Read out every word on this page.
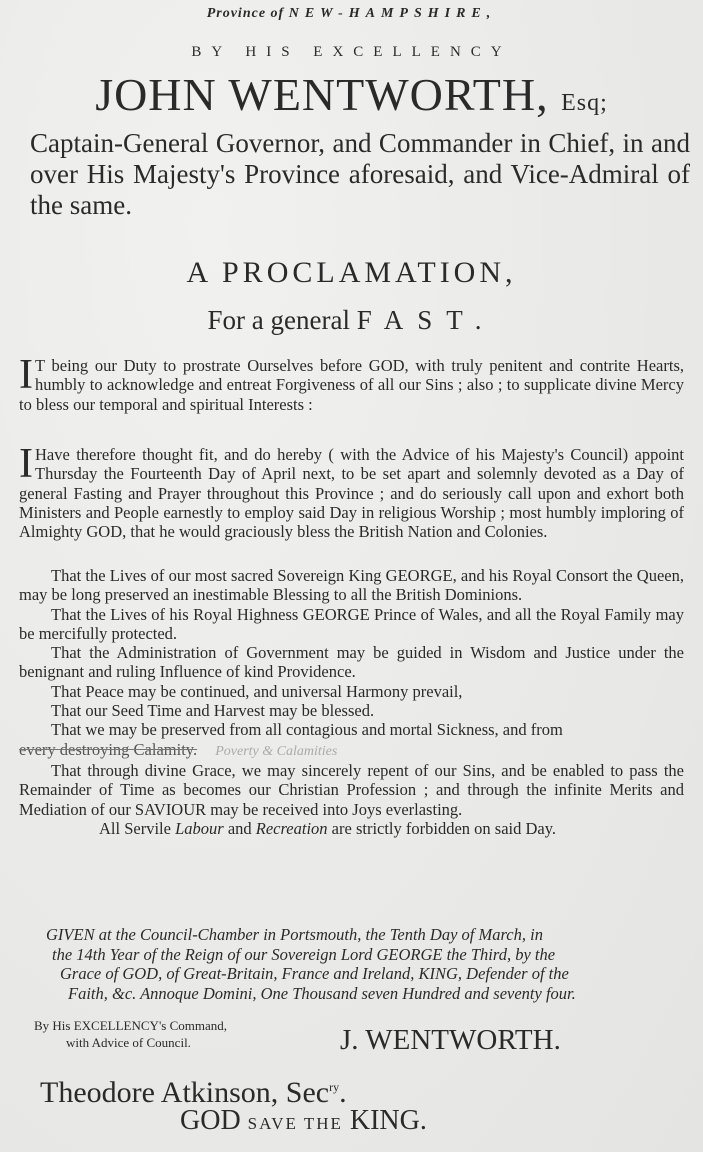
Province of NEW-HAMPSHIRE,
BY HIS EXCELLENCY
JOHN WENTWORTH, Esq;
Captain-General Governor, and Commander in Chief, in and over His Majesty's Province aforesaid, and Vice-Admiral of the same.
A PROCLAMATION,
For a general FAST.

I T being our Duty to prostrate Ourselves before GOD, with truly penitent and contrite Hearts, humbly to acknowledge and entreat Forgiveness of all our Sins ; also ; to supplicate divine Mercy to bless our temporal and spiritual Interests :

I Have therefore thought fit, and do hereby ( with the Advice of his Majesty's Council) appoint Thursday the Fourteenth Day of April next, to be set apart and solemnly devoted as a Day of general Fasting and Prayer throughout this Province ; and do seriously call upon and exhort both Ministers and People earnestly to employ said Day in religious Worship ; most humbly imploring of Almighty GOD, that he would graciously bless the British Nation and Colonies.

That the Lives of our most sacred Sovereign King GEORGE, and his Royal Consort the Queen, may be long preserved an inestimable Blessing to all the British Dominions.

That the Lives of his Royal Highness GEORGE Prince of Wales, and all the Royal Family may be mercifully protected.

That the Administration of Government may be guided in Wisdom and Justice under the benignant and ruling Influence of kind Providence.

That Peace may be continued, and universal Harmony prevail,

That our Seed Time and Harvest may be blessed.

That we may be preserved from all contagious and mortal Sickness, and from

every destroying Calamity. Poverty & Calamities

That through divine Grace, we may sincerely repent of our Sins, and be enabled to pass the Remainder of Time as becomes our Christian Profession ; and through the infinite Merits and Mediation of our SAVIOUR may be received into Joys everlasting.

All Servile Labour and Recreation are strictly forbidden on said Day.

GIVEN at the Council-Chamber in Portsmouth, the Tenth Day of March, in
the 14th Year of the Reign of our Sovereign Lord GEORGE the Third, by the
Grace of GOD, of Great-Britain, France and Ireland, KING, Defender of the
Faith, &c. Annoque Domini, One Thousand seven Hundred and seventy four.
By His EXCELLENCY's Command,
with Advice of Council.	J. WENTWORTH.
Theodore Atkinson, Sec$^{ry}$.
GOD SAVE THE KING.
